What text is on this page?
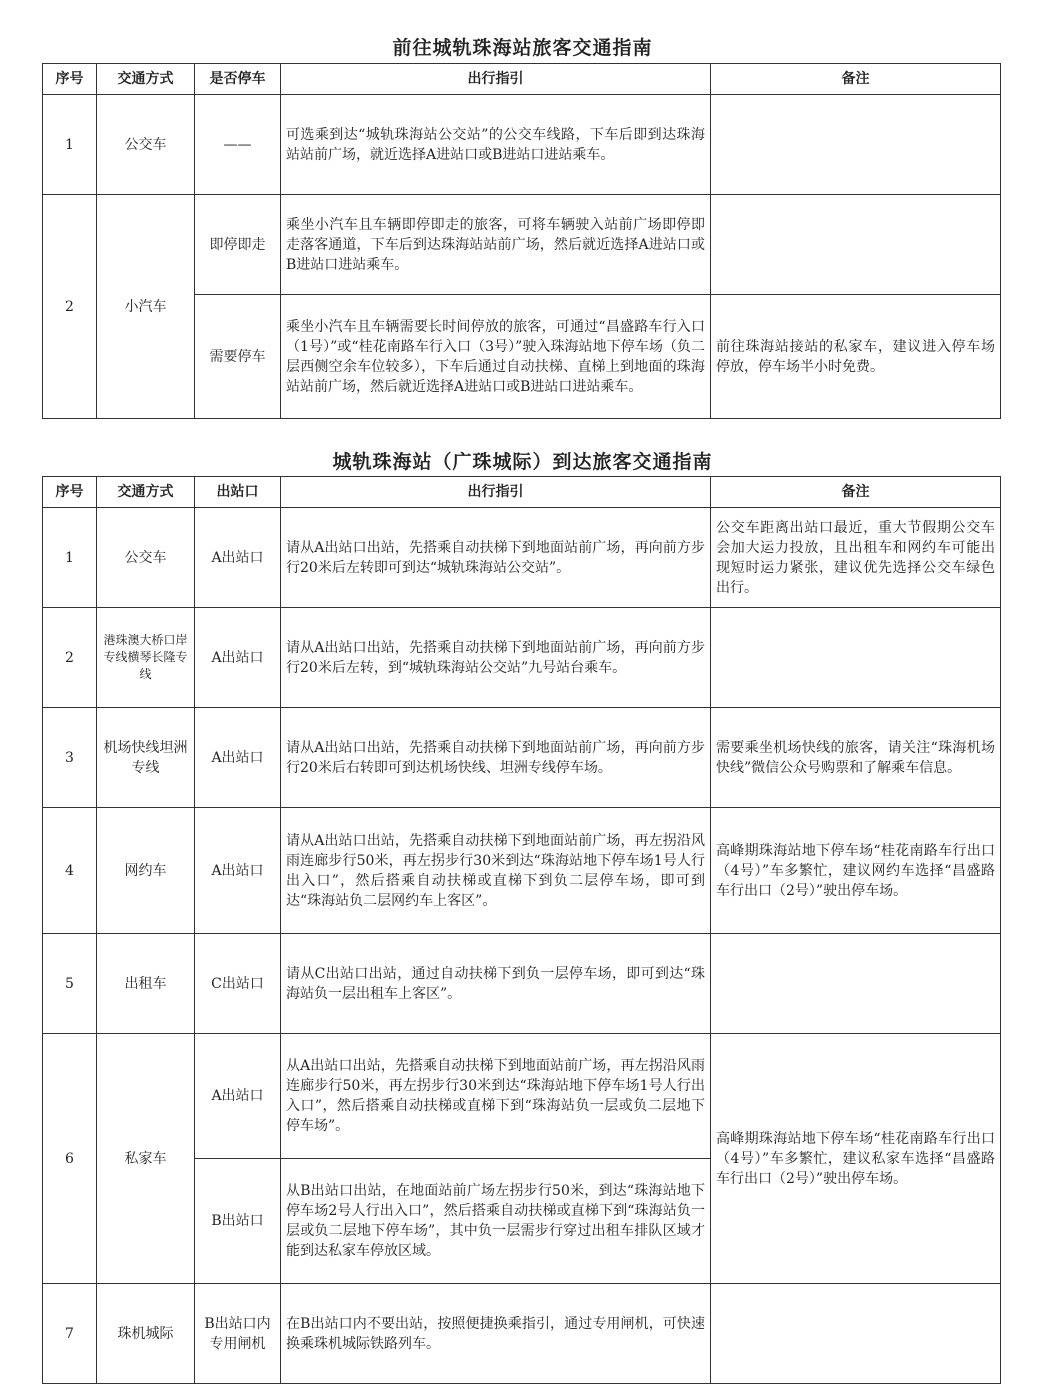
前往城轨珠海站旅客交通指南
序号	交通方式	是否停车	出行指引	备注
1	公交车	——	可选乘到达“城轨珠海站公交站”的公交车线路，下车后即到达珠海站站前广场，就近选择A进站口或B进站口进站乘车。	
2	小汽车	即停即走	乘坐小汽车且车辆即停即走的旅客，可将车辆驶入站前广场即停即走落客通道，下车后到达珠海站站前广场，然后就近选择A进站口或B进站口进站乘车。	
		需要停车	乘坐小汽车且车辆需要长时间停放的旅客，可通过“昌盛路车行入口（1号）”或“桂花南路车行入口（3号）”驶入珠海站地下停车场（负二层西侧空余车位较多），下车后通过自动扶梯、直梯上到地面的珠海站站前广场，然后就近选择A进站口或B进站口进站乘车。	前往珠海站接站的私家车，建议进入停车场停放，停车场半小时免费。
城轨珠海站（广珠城际）到达旅客交通指南
序号	交通方式	出站口	出行指引	备注
1	公交车	A出站口	请从A出站口出站，先搭乘自动扶梯下到地面站前广场，再向前方步行20米后左转即可到达“城轨珠海站公交站”。	公交车距离出站口最近，重大节假期公交车会加大运力投放，且出租车和网约车可能出现短时运力紧张，建议优先选择公交车绿色出行。
2	港珠澳大桥口岸专线横琴长隆专线	A出站口	请从A出站口出站，先搭乘自动扶梯下到地面站前广场，再向前方步行20米后左转，到“城轨珠海站公交站”九号站台乘车。	
3	机场快线坦洲专线	A出站口	请从A出站口出站，先搭乘自动扶梯下到地面站前广场，再向前方步行20米后右转即可到达机场快线、坦洲专线停车场。	需要乘坐机场快线的旅客，请关注“珠海机场快线”微信公众号购票和了解乘车信息。
4	网约车	A出站口	请从A出站口出站，先搭乘自动扶梯下到地面站前广场，再左拐沿风雨连廊步行50米，再左拐步行30米到达“珠海站地下停车场1号人行出入口”，然后搭乘自动扶梯或直梯下到负二层停车场，即可到达“珠海站负二层网约车上客区”。	高峰期珠海站地下停车场“桂花南路车行出口（4号）”车多繁忙，建议网约车选择“昌盛路车行出口（2号）”驶出停车场。
5	出租车	C出站口	请从C出站口出站，通过自动扶梯下到负一层停车场，即可到达“珠海站负一层出租车上客区”。	
6	私家车	A出站口	从A出站口出站，先搭乘自动扶梯下到地面站前广场，再左拐沿风雨连廊步行50米，再左拐步行30米到达“珠海站地下停车场1号人行出入口”，然后搭乘自动扶梯或直梯下到“珠海站负一层或负二层地下停车场”。	高峰期珠海站地下停车场“桂花南路车行出口（4号）”车多繁忙，建议私家车选择“昌盛路车行出口（2号）”驶出停车场。
		B出站口	从B出站口出站，在地面站前广场左拐步行50米，到达“珠海站地下停车场2号人行出入口”，然后搭乘自动扶梯或直梯下到“珠海站负一层或负二层地下停车场”，其中负一层需步行穿过出租车排队区域才能到达私家车停放区域。	
7	珠机城际	B出站口内专用闸机	在B出站口内不要出站，按照便捷换乘指引，通过专用闸机，可快速换乘珠机城际铁路列车。	
